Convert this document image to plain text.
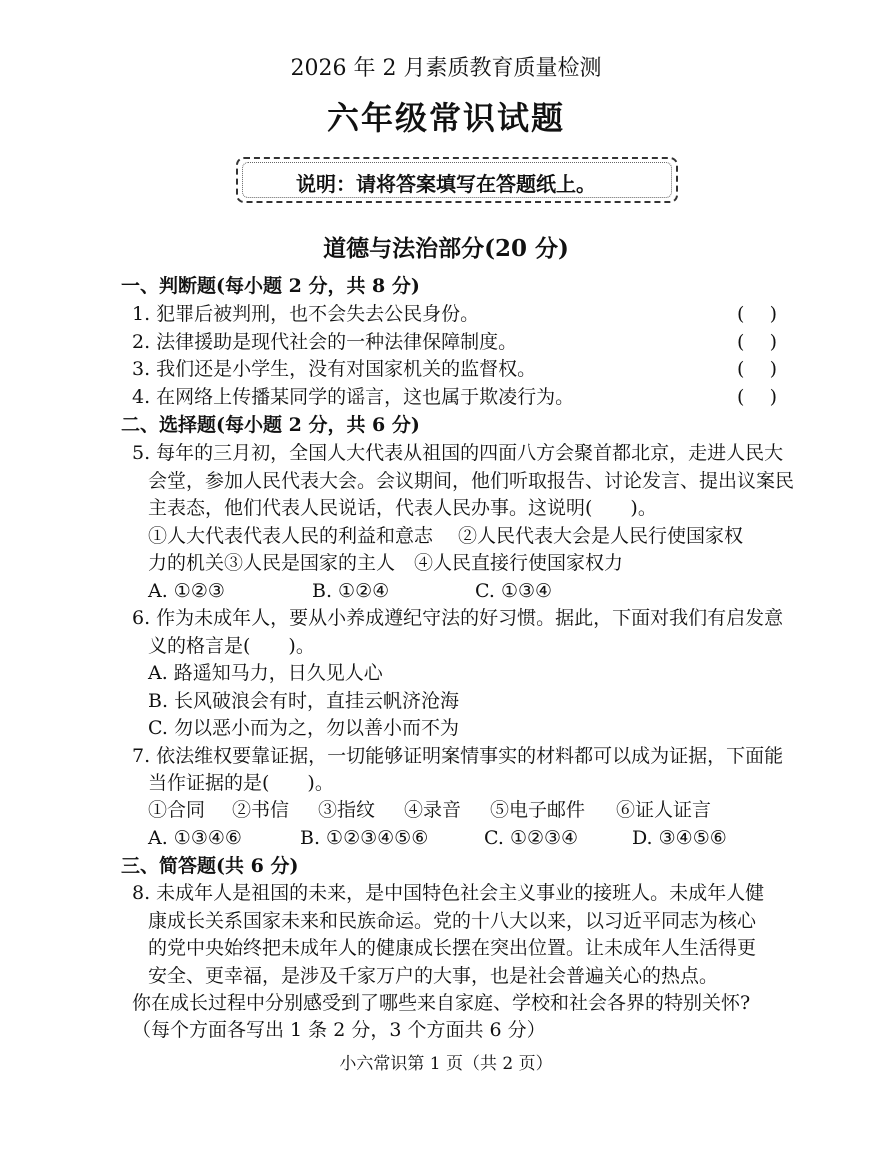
2026 年 2 月素质教育质量检测
六年级常识试题
说明：请将答案填写在答题纸上。
道德与法治部分(20 分)
一、判断题(每小题 2 分，共 8 分)
1. 犯罪后被判刑，也不会失去公民身份。	( )
2. 法律援助是现代社会的一种法律保障制度。	( )
3. 我们还是小学生，没有对国家机关的监督权。	( )
4. 在网络上传播某同学的谣言，这也属于欺凌行为。	( )
二、选择题(每小题 2 分，共 6 分)
5. 每年的三月初，全国人大代表从祖国的四面八方会聚首都北京，走进人民大
会堂，参加人民代表大会。会议期间，他们听取报告、讨论发言、提出议案民
主表态，他们代表人民说话，代表人民办事。这说明(　　)。
①人大代表代表人民的利益和意志　 ②人民代表大会是人民行使国家权
力的机关③人民是国家的主人　④人民直接行使国家权力
A. ①②③	B. ①②④	C. ①③④
6. 作为未成年人，要从小养成遵纪守法的好习惯。据此，下面对我们有启发意
义的格言是(　　)。
A. 路遥知马力，日久见人心
B. 长风破浪会有时，直挂云帆济沧海
C. 勿以恶小而为之，勿以善小而不为
7. 依法维权要靠证据，一切能够证明案情事实的材料都可以成为证据，下面能
当作证据的是(　　)。
①合同 ②书信 ③指纹 ④录音 ⑤电子邮件 ⑥证人证言
A. ①③④⑥	B. ①②③④⑤⑥	C. ①②③④	D. ③④⑤⑥
三、简答题(共 6 分)
8. 未成年人是祖国的未来，是中国特色社会主义事业的接班人。未成年人健
康成长关系国家未来和民族命运。党的十八大以来，以习近平同志为核心
的党中央始终把未成年人的健康成长摆在突出位置。让未成年人生活得更
安全、更幸福，是涉及千家万户的大事，也是社会普遍关心的热点。
你在成长过程中分别感受到了哪些来自家庭、学校和社会各界的特别关怀?
（每个方面各写出 1 条 2 分，3 个方面共 6 分）
小六常识第 1 页（共 2 页）
